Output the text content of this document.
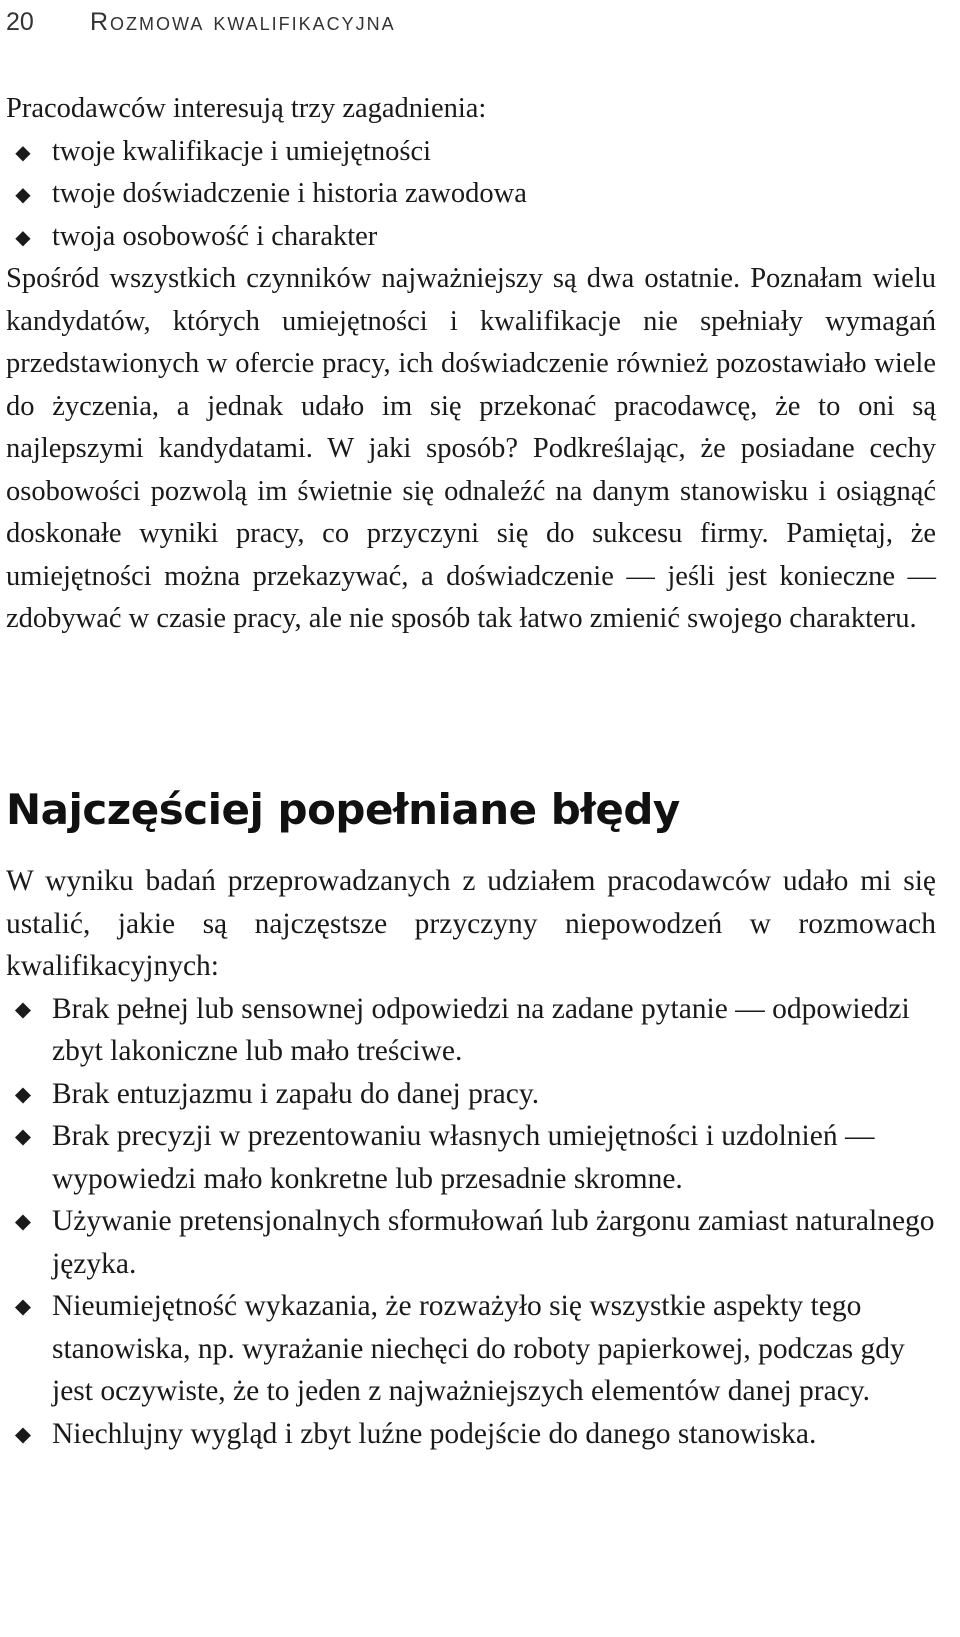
20 Rozmowa kwalifikacyjna

Pracodawców interesują trzy zagadnienia:

◆ twoje kwalifikacje i umiejętności
◆ twoje doświadczenie i historia zawodowa
◆ twoja osobowość i charakter

Spośród wszystkich czynników najważniejszy są dwa ostatnie. Poznałam wielu kandydatów, których umiejętności i kwalifikacje nie spełniały wymagań przedstawionych w ofercie pracy, ich doświadczenie również pozostawiało wiele do życzenia, a jednak udało im się przekonać pracodawcę, że to oni są najlepszymi kandydatami. W jaki sposób? Podkreślając, że posiadane cechy osobowości pozwolą im świetnie się odnaleźć na danym stanowisku i osiągnąć doskonałe wyniki pracy, co przyczyni się do sukcesu firmy. Pamiętaj, że umiejętności można przekazywać, a doświadczenie — jeśli jest konieczne — zdobywać w czasie pracy, ale nie sposób tak łatwo zmienić swojego charakteru.

Najczęściej popełniane błędy

W wyniku badań przeprowadzanych z udziałem pracodawców udało mi się ustalić, jakie są najczęstsze przyczyny niepowodzeń w rozmowach kwalifikacyjnych:

◆ Brak pełnej lub sensownej odpowiedzi na zadane pytanie — odpowiedzi zbyt lakoniczne lub mało treściwe.
◆ Brak entuzjazmu i zapału do danej pracy.
◆ Brak precyzji w prezentowaniu własnych umiejętności i uzdolnień — wypowiedzi mało konkretne lub przesadnie skromne.
◆ Używanie pretensjonalnych sformułowań lub żargonu zamiast naturalnego języka.
◆ Nieumiejętność wykazania, że rozważyło się wszystkie aspekty tego stanowiska, np. wyrażanie niechęci do roboty papierkowej, podczas gdy jest oczywiste, że to jeden z najważniejszych elementów danej pracy.
◆ Niechlujny wygląd i zbyt luźne podejście do danego stanowiska.
